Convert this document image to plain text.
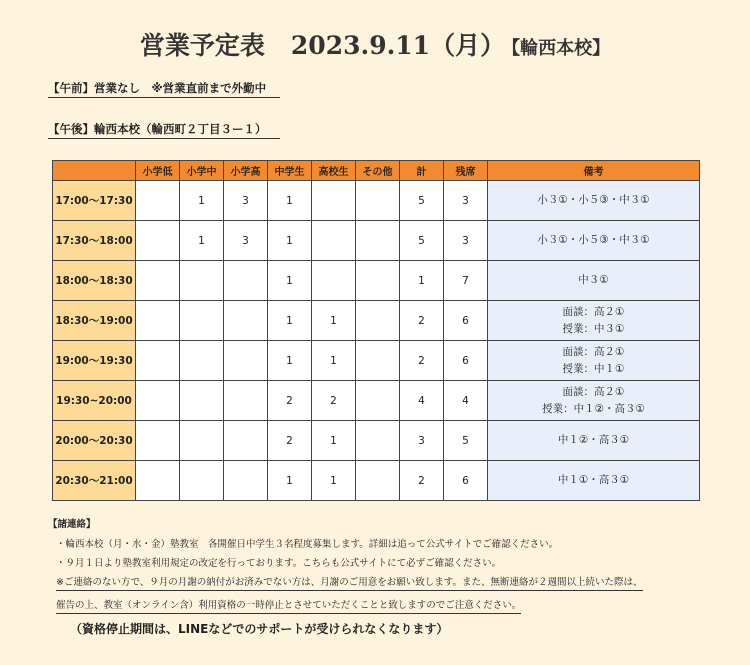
営業予定表 2023.9.11（月） 【輪西本校】
【午前】営業なし　※営業直前まで外勤中
【午後】輪西本校（輪西町２丁目３ー１）
	小学低	小学中	小学高	中学生	高校生	その他	計	残席	備考
17:00〜17:30		1	3	1			5	3	小３①・小５③・中３①

17:30〜18:00		1	3	1			5	3	小３①・小５③・中３①

18:00〜18:30				1			1	7	中３①

18:30〜19:00				1	1		2	6	面談：高２①
授業：中３①

19:00〜19:30				1	1		2	6	面談：高２①
授業：中１①

19:30~20:00				2	2		4	4	面談：高２①
授業：中１②・高３①

20:00〜20:30				2	1		3	5	中１②・高３①

20:30〜21:00				1	1		2	6	中１①・高３①
【諸連絡】
・輪西本校（月・水・金）塾教室　各開催日中学生３名程度募集します。詳細は追って公式サイトでご確認ください。
・９月１日より塾教室利用規定の改定を行っております。こちらも公式サイトにて必ずご確認ください。
※ご連絡のない方で、９月の月謝の納付がお済みでない方は、月謝のご用意をお願い致します。また、無断連絡が２週間以上続いた際は、
催告の上、教室（オンライン含）利用資格の一時停止とさせていただくことと致しますのでご注意ください。
（資格停止期間は、LINEなどでのサポートが受けられなくなります）
